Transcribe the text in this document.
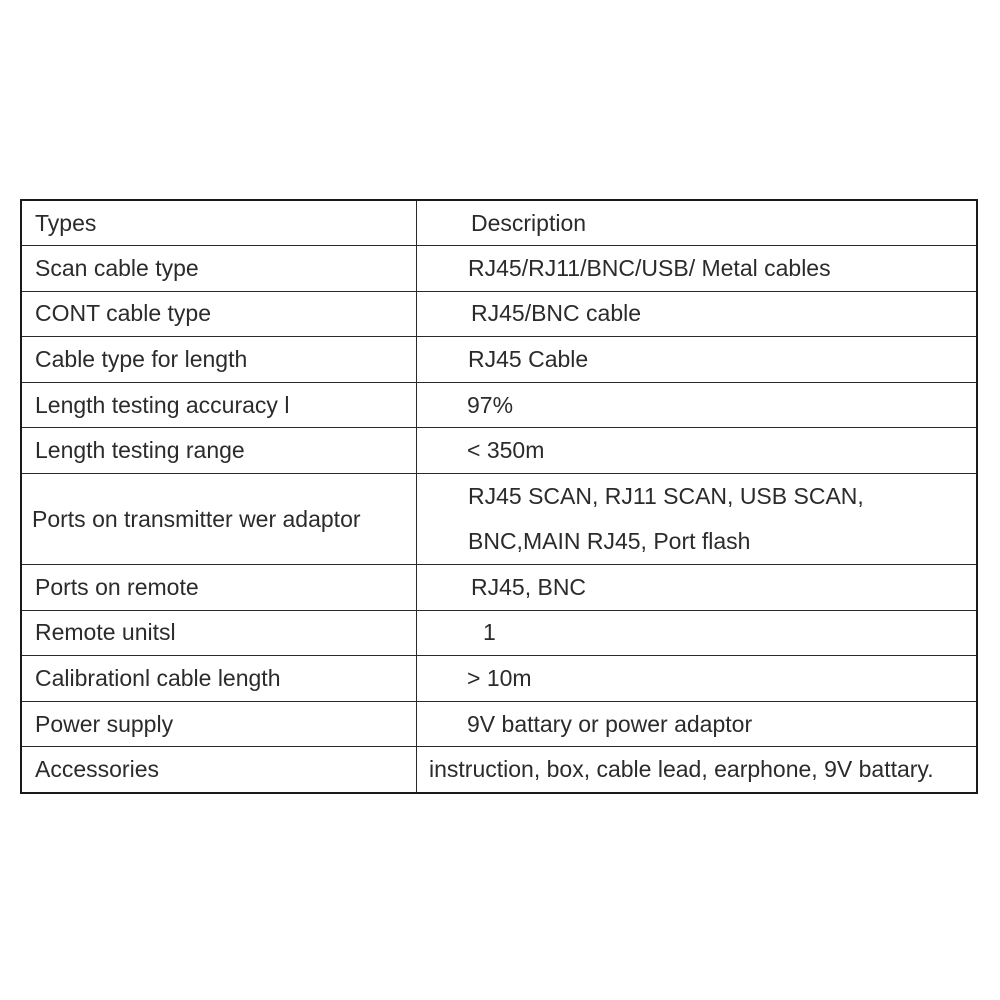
Types	Description
Scan cable type	RJ45/RJ11/BNC/USB/ Metal cables
CONT cable type	RJ45/BNC cable
Cable type for length	RJ45 Cable
Length testing accuracy l	97%
Length testing range	< 350m
Ports on transmitter wer adaptor	RJ45 SCAN, RJ11 SCAN, USB SCAN,
BNC,MAIN RJ45, Port flash

Ports on remote	RJ45, BNC
Remote unitsl	1
Calibrationl cable length	> 10m
Power supply	9V battary or power adaptor
Accessories	instruction, box, cable lead, earphone, 9V battary.
